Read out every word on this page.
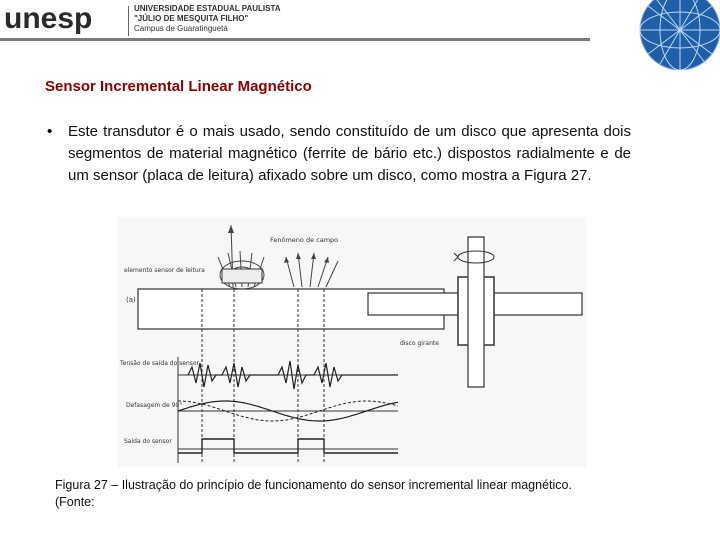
unesp	UNIVERSIDADE ESTADUAL PAULISTA
"JÚLIO DE MESQUITA FILHO"
Campus de Guaratinguetá
Sensor Incremental Linear Magnético
• Este transdutor é o mais usado, sendo constituído de um disco que apresenta dois segmentos de material magnético (ferrite de bário etc.) dispostos radialmente e de um sensor (placa de leitura) afixado sobre um disco, como mostra a Figura 27.
Fenômeno de campo
elemento sensor de leitura
(a)
disco girante
Tensão de saída do sensor
Defasagem de 90°
Saída do sensor
Figura 27 – Ilustração do princípio de funcionamento do sensor incremental linear magnético.
(Fonte:
